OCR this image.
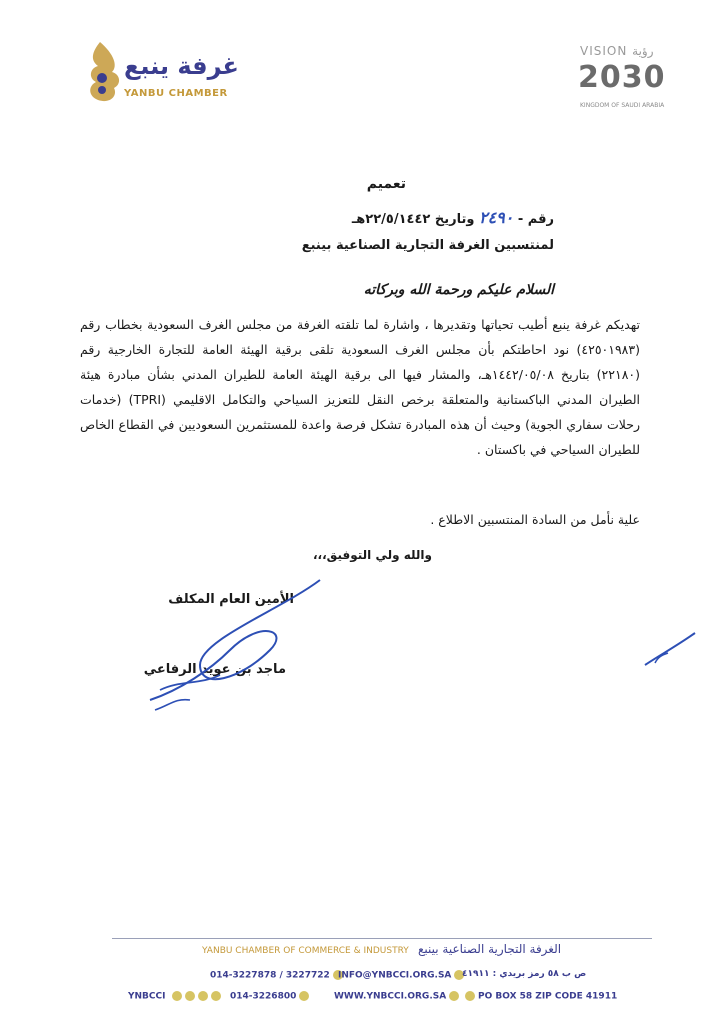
غرفة ينبع
YANBU CHAMBER
VISION رؤية
2030
KINGDOM OF SAUDI ARABIA
تعميم
رقم - ٢٤٩٠ وتاريخ ٢٢/٥/١٤٤٢هـ
لمنتسبين الغرفة التجارية الصناعية بينبع
السلام عليكم ورحمة الله وبركاته
تهديكم غرفة ينبع أطيب تحياتها وتقديرها ، واشارة لما تلقته الغرفة من مجلس الغرف السعودية بخطاب رقم (٤٢٥٠١٩٨٣) نود احاطتكم بأن مجلس الغرف السعودية تلقى برقية الهيئة العامة للتجارة الخارجية رقم (٢٢١٨٠) بتاريخ ١٤٤٢/٠٥/٠٨هـ، والمشار فيها الى برقية الهيئة العامة للطيران المدني بشأن مبادرة هيئة الطيران المدني الباكستانية والمتعلقة برخص النقل للتعزيز السياحي والتكامل الاقليمي (TPRI) (خدمات رحلات سفاري الجوية) وحيث أن هذه المبادرة تشكل فرصة واعدة للمستثمرين السعوديين في القطاع الخاص للطيران السياحي في باكستان .
علية نأمل من السادة المنتسبين الاطلاع .
والله ولي التوفيق،،،
الأمين العام المكلف
ماجد بن عويد الرفاعي
YANBU CHAMBER OF COMMERCE & INDUSTRY الغرفة التجارية الصناعية بينبع
014-3227878 / 3227722 INFO@YNBCCI.ORG.SA	ص ب ٥٨ رمز بريدي : ٤١٩١١
YNBCCI	014-3226800	WWW.YNBCCI.ORG.SA	PO BOX 58 ZIP CODE 41911
